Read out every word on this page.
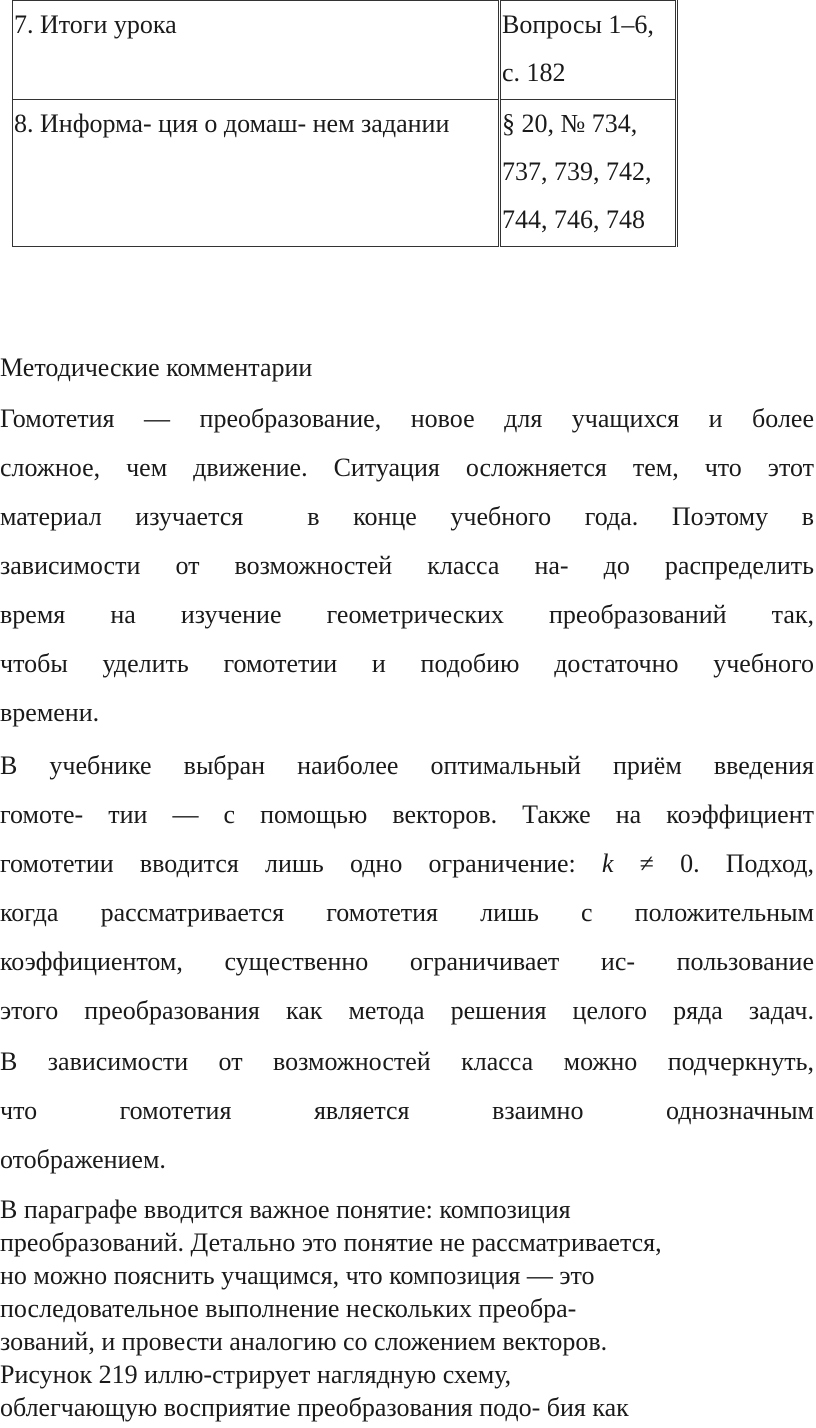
7. Итоги урока	Вопросы 1–6,
с. 182

8. Информа- ция о домаш- нем задании	§ 20, № 734,
737, 739, 742,
744, 746, 748

Методические комментарии

Гомотетия — преобразование, новое для учащихся и более
сложное, чем движение. Ситуация осложняется тем, что этот
материал изучается в конце учебного года. Поэтому в
зависимости от возможностей класса на- до распределить
время на изучение геометрических преобразований так,
чтобы уделить гомотетии и подобию достаточно учебного
времени.
В учебнике выбран наиболее оптимальный приём введения
гомоте- тии — с помощью векторов. Также на коэффициент
гомотетии вводится лишь одно ограничение: k ≠ 0. Подход,
когда рассматривается гомотетия лишь с положительным
коэффициентом, существенно ограничивает ис- пользование
этого преобразования как метода решения целого ряда задач.
В зависимости от возможностей класса можно подчеркнуть,
что гомотетия является взаимно однозначным
отображением.
В параграфе вводится важное понятие: композиция
преобразований. Детально это понятие не рассматривается,
но можно пояснить учащимся, что композиция — это
последовательное выполнение нескольких преобра-
зований, и провести аналогию со сложением векторов.
Рисунок 219 иллю-стрирует наглядную схему,
облегчающую восприятие преобразования подо- бия как
